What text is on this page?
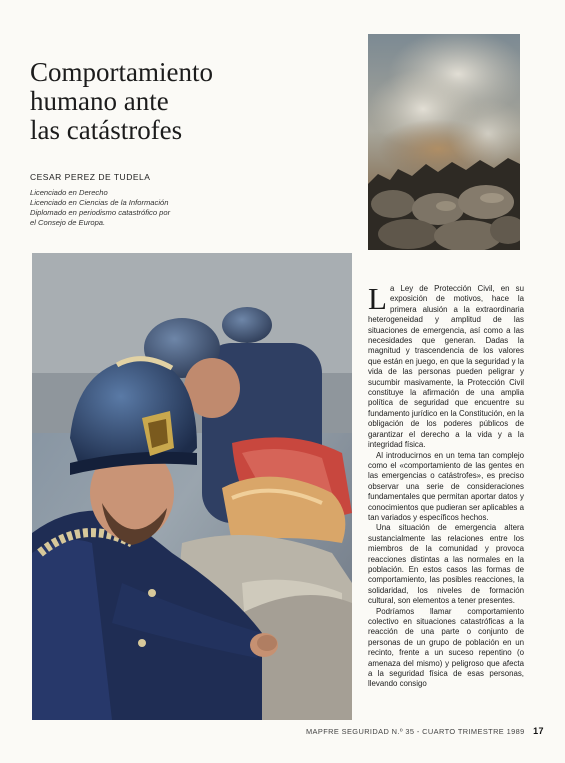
Comportamiento
humano ante
las catástrofes
CESAR PEREZ DE TUDELA
Licenciado en Derecho
Licenciado en Ciencias de la Información
Diplomado en periodismo catastrófico por
el Consejo de Europa.

La Ley de Protección Civil, en su exposición de motivos, hace la primera alusión a la extraordinaria heterogeneidad y amplitud de las situaciones de emergencia, así como a las necesidades que generan. Dadas la magnitud y trascendencia de los valores que están en juego, en que la seguridad y la vida de las personas pueden peligrar y sucumbir masivamente, la Protección Civil constituye la afirmación de una amplia política de seguridad que encuentre su fundamento jurídico en la Constitución, en la obligación de los poderes públicos de garantizar el derecho a la vida y a la integridad física.

Al introducirnos en un tema tan complejo como el «comportamiento de las gentes en las emergencias o catástrofes», es preciso observar una serie de consideraciones fundamentales que permitan aportar datos y conocimientos que pudieran ser aplicables a tan variados y específicos hechos.

Una situación de emergencia altera sustancialmente las relaciones entre los miembros de la comunidad y provoca reacciones distintas a las normales en la población. En estos casos las formas de comportamiento, las posibles reacciones, la solidaridad, los niveles de formación cultural, son elementos a tener presentes.

Podríamos llamar comportamiento colectivo en situaciones catastróficas a la reacción de una parte o conjunto de personas de un grupo de población en un recinto, frente a un suceso repentino (o amenaza del mismo) y peligroso que afecta a la seguridad física de esas personas, llevando consigo

MAPFRE SEGURIDAD N.º 35 - CUARTO TRIMESTRE 1989 17
